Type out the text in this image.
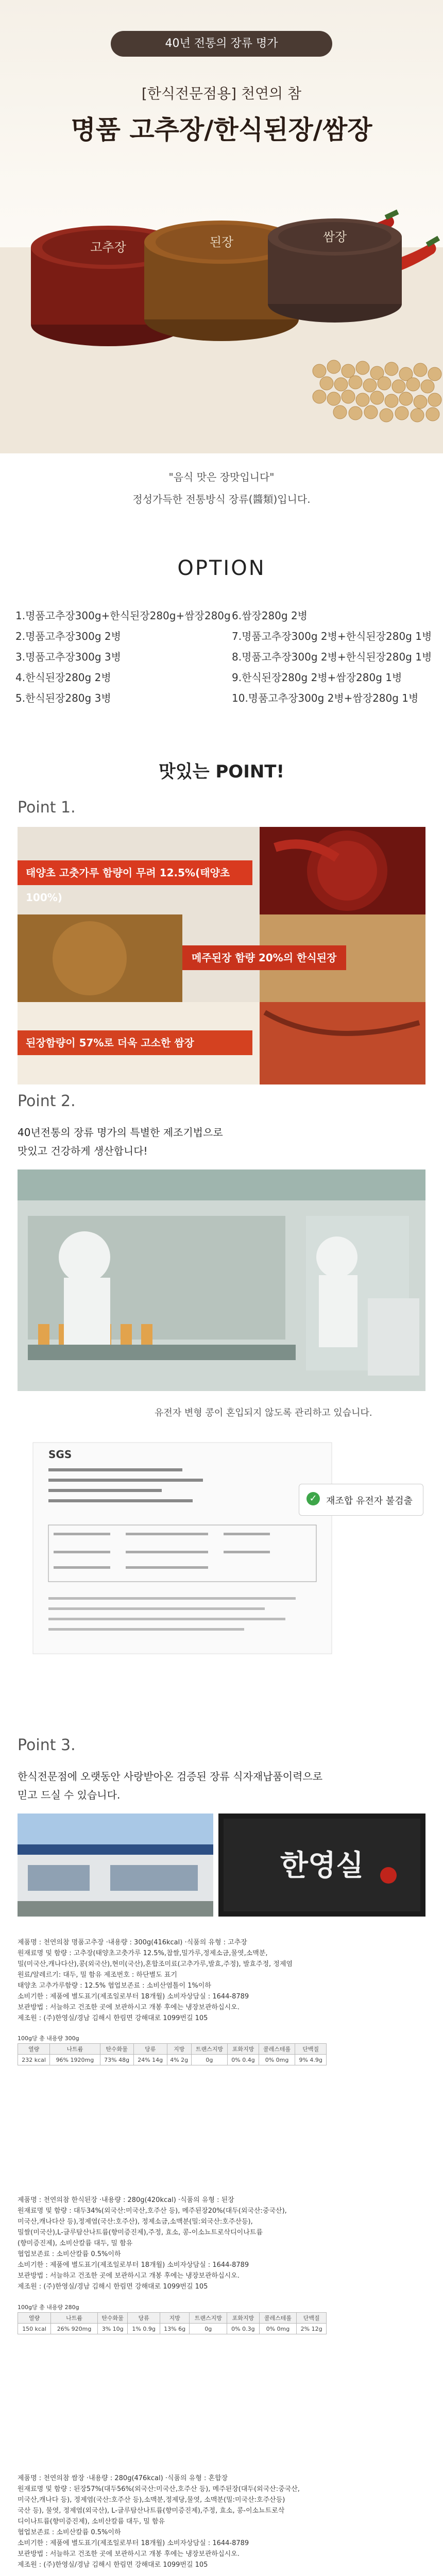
40년 전통의 장류 명가
[한식전문점용] 천연의 참
명품 고추장/한식된장/쌈장
고추장	된장	쌈장
"음식 맛은 장맛입니다"
정성가득한 전통방식 장류(醬類)입니다.
OPTION
1.명품고추장300g+한식된장280g+쌈장280g
2.명품고추장300g 2병
3.명품고추장300g 3병
4.한식된장280g 2병
5.한식된장280g 3병
6.쌈장280g 2병
7.명품고추장300g 2병+한식된장280g 1병
8.명품고추장300g 2병+한식된장280g 1병
9.한식된장280g 2병+쌈장280g 1병
10.명품고추장300g 2병+쌈장280g 1병
맛있는 POINT!
Point 1.
태양초 고춧가루 함량이 무려 12.5%(태양초 100%)
메주된장 함량 20%의 한식된장
된장함량이 57%로 더욱 고소한 쌈장
Point 2.
40년전통의 장류 명가의 특별한 제조기법으로
맛있고 건강하게 생산합니다!
유전자 변형 콩이 혼입되지 않도록 관리하고 있습니다.
SGS
✓ 재조합 유전자 불검출
Point 3.
한식전문점에 오랫동안 사랑받아온 검증된 장류 식자재납품이력으로
믿고 드실 수 있습니다.
한영실
제품명 : 천연의참 명품고추장 ·내용량 : 300g(416kcal) ·식품의 유형 : 고추장
원재료명 및 함량 : 고추장(태양초고춧가루 12.5%,찹쌀,밀가루,정제소금,물엿,소맥분,
밀(미국산,캐나다산),콩(외국산),현미(국산),혼합조미료(고추가루,발효,주정), 발효주정, 정제염
원료/알레르기: 대두, 밀 함유 제조번호 : 하단별도 표기
태양초 고추가루함량 : 12.5% 협업보존료 : 소비산염톨이 1%이하
소비기한 : 제품에 별도표기(제조일로부터 18개월) 소비자상담실 : 1644-8789
보관방법 : 서늘하고 건조한 곳에 보관하시고 개봉 후에는 냉장보관하십시오.
제조원 : (주)한영실/경남 김해시 한림면 강해대로 1099번길 105
100g당 총 내용량 300g
열량	나트륨	탄수화물	당류	지방	트랜스지방	포화지방	콜레스테롤	단백질
232 kcal	96% 1920mg	73% 48g	24% 14g	4% 2g	0g	0% 0.4g	0% 0mg	9% 4.9g
제품명 : 천연의참 한식된장 ·내용량 : 280g(420kcal) ·식품의 유형 : 된장
원재료명 및 함량 : 대두34%(외국산:미국산,호주산 등), 메주된장20%(대두(외국산:중국산),
미국산,캐나다산 등),정제염(국산:호주산), 정제소금,소맥분(밀:외국산:호주산등),
밀쌀(미국산),L-글루탐산나트륨(향미증진제),주정, 효소, 콩-이소뇨트로삭디이나트륨
(향미증진제), 소비산칼륨 대두, 밀 함유
협업보존료 : 소비산칼륨 0.5%이하
소비기한 : 제품에 별도표기(제조일로부터 18개월) 소비자상담실 : 1644-8789
보관방법 : 서늘하고 건조한 곳에 보관하시고 개봉 후에는 냉장보관하십시오.
제조원 : (주)한영실/경남 김해시 한림면 강해대로 1099번길 105
100g당 총 내용량 280g
열량	나트륨	탄수화물	당류	지방	트랜스지방	포화지방	콜레스테롤	단백질
150 kcal	26% 920mg	3% 10g	1% 0.9g	13% 6g	0g	0% 0.3g	0% 0mg	2% 12g
제품명 : 천연의참 쌈장 ·내용량 : 280g(476kcal) ·식품의 유형 : 혼합장
원재료명 및 함량 : 된장57%(대두56%(외국산:미국산,호주산 등), 메주된장(대두(외국산:중국산,
미국산,캐나다 등), 정제염(국산:호주산 등),소맥분,정제당,물엿, 소맥분(밀:미국산:호주산등)
국산 등), 물엿, 정제염(외국산), L-글루탐산나트륨(향미증진제),주정, 효소, 콩-이소뇨트로삭
디이나트륨(향미증진제), 소비산칼륨 대두, 밀 함유
협업보존료 : 소비산칼륨 0.5%이하
소비기한 : 제품에 별도표기(제조일로부터 18개월) 소비자상담실 : 1644-8789
보관방법 : 서늘하고 건조한 곳에 보관하시고 개봉 후에는 냉장보관하십시오.
제조원 : (주)한영실/경남 김해시 한림면 강해대로 1099번길 105
